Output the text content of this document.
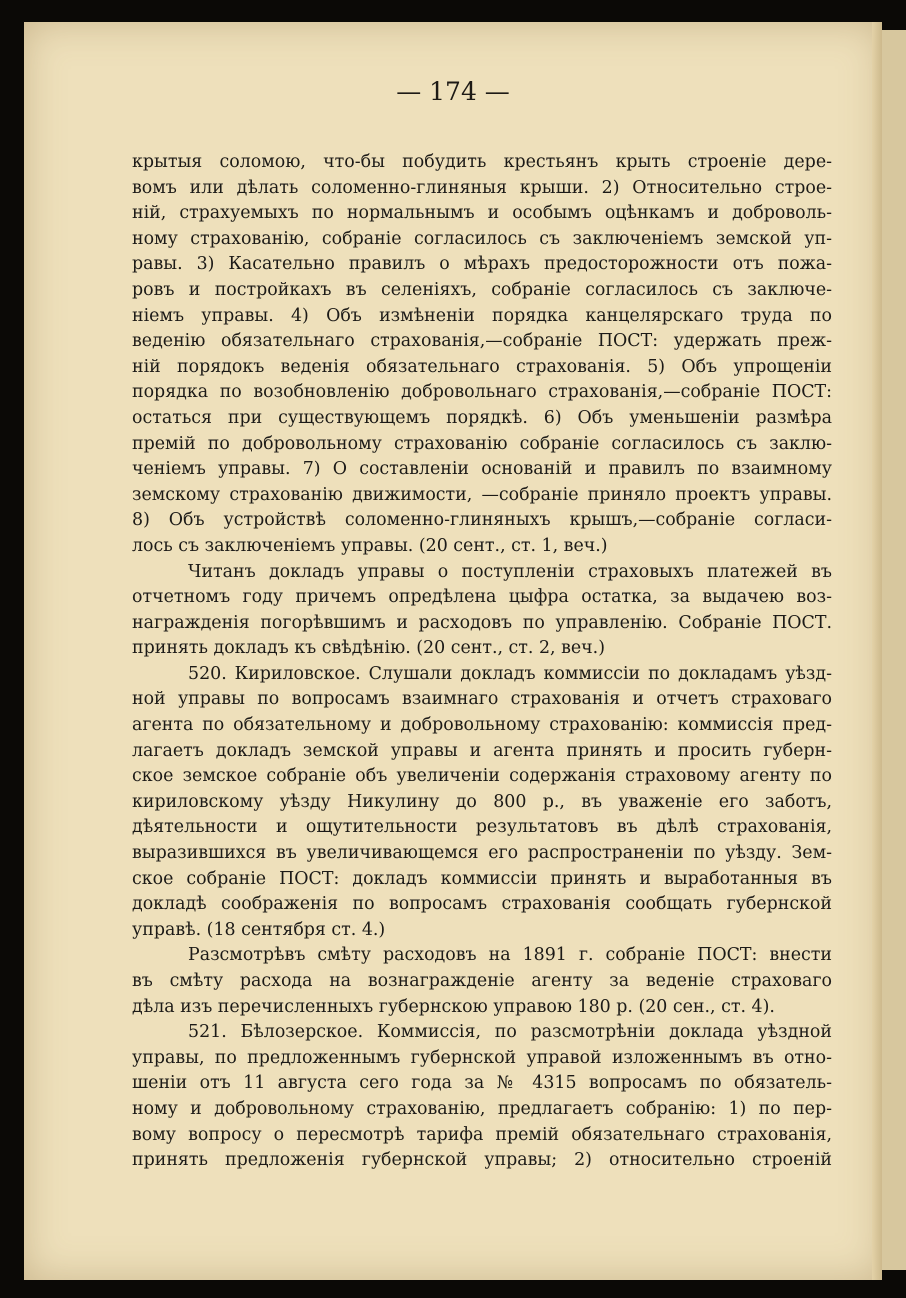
— 174 —
крытыя соломою, что-бы побудить крестьянъ крыть строеніе дере-
вомъ или дѣлать соломенно-глиняныя крыши. 2) Относительно строе-
ній, страхуемыхъ по нормальнымъ и особымъ оцѣнкамъ и доброволь-
ному страхованію, собраніе согласилось съ заключеніемъ земской уп-
равы. 3) Касательно правилъ о мѣрахъ предосторожности отъ пожа-
ровъ и постройкахъ въ селеніяхъ, собраніе согласилось съ заключе-
ніемъ управы. 4) Объ измѣненіи порядка канцелярскаго труда по
веденію обязательнаго страхованія,—собраніе ПОСТ: удержать преж-
ній порядокъ веденія обязательнаго страхованія. 5) Объ упрощеніи
порядка по возобновленію добровольнаго страхованія,—собраніе ПОСТ:
остаться при существующемъ порядкѣ. 6) Объ уменьшеніи размѣра
премій по добровольному страхованію собраніе согласилось съ заклю-
ченіемъ управы. 7) О составленіи основаній и правилъ по взаимному
земскому страхованію движимости, —собраніе приняло проектъ управы.
8) Объ устройствѣ соломенно-глиняныхъ крышъ,—собраніе согласи-
лось съ заключеніемъ управы. (20 сент., ст. 1, веч.)
Читанъ докладъ управы о поступленіи страховыхъ платежей въ
отчетномъ году причемъ опредѣлена цыфра остатка, за выдачею воз-
награжденія погорѣвшимъ и расходовъ по управленію. Собраніе ПОСТ.
принять докладъ къ свѣдѣнію. (20 сент., ст. 2, веч.)
520. Кириловское. Слушали докладъ коммиссіи по докладамъ уѣзд-
ной управы по вопросамъ взаимнаго страхованія и отчетъ страховаго
агента по обязательному и добровольному страхованію: коммиссія пред-
лагаетъ докладъ земской управы и агента принять и просить губерн-
ское земское собраніе объ увеличеніи содержанія страховому агенту по
кириловскому уѣзду Никулину до 800 р., въ уваженіе его заботъ,
дѣятельности и ощутительности результатовъ въ дѣлѣ страхованія,
выразившихся въ увеличивающемся его распространеніи по уѣзду. Зем-
ское собраніе ПОСТ: докладъ коммиссіи принять и выработанныя въ
докладѣ соображенія по вопросамъ страхованія сообщать губернской
управѣ. (18 сентября ст. 4.)
Разсмотрѣвъ смѣту расходовъ на 1891 г. собраніе ПОСТ: внести
въ смѣту расхода на вознагражденіе агенту за веденіе страховаго
дѣла изъ перечисленныхъ губернскою управою 180 р. (20 сен., ст. 4).
521. Бѣлозерское. Коммиссія, по разсмотрѣніи доклада уѣздной
управы, по предложеннымъ губернской управой изложеннымъ въ отно-
шеніи отъ 11 августа сего года за № 4315 вопросамъ по обязатель-
ному и добровольному страхованію, предлагаетъ собранію: 1) по пер-
вому вопросу о пересмотрѣ тарифа премій обязательнаго страхованія,
принять предложенія губернской управы; 2) относительно строеній
